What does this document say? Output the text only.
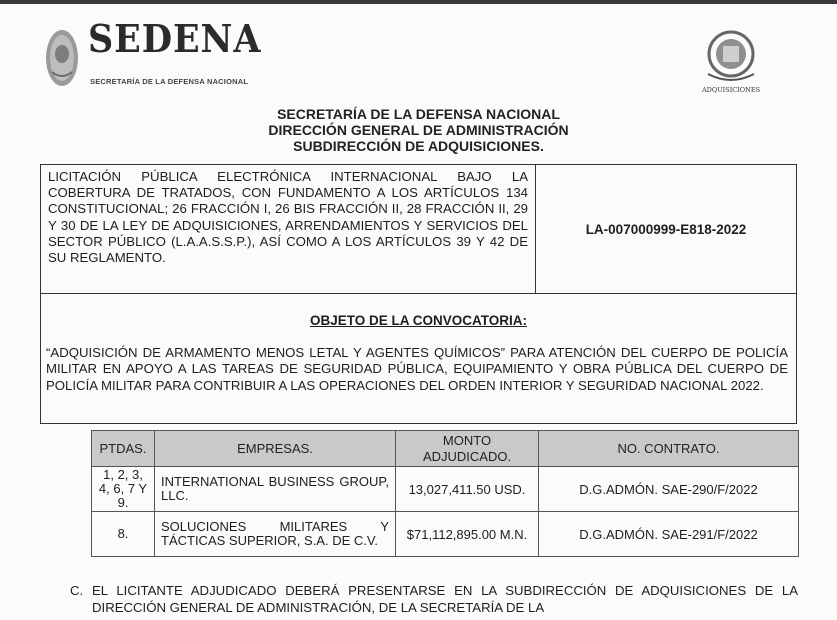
SEDENA
SECRETARÍA DE LA DEFENSA NACIONAL
ADQUISICIONES
SECRETARÍA DE LA DEFENSA NACIONAL
DIRECCIÓN GENERAL DE ADMINISTRACIÓN
SUBDIRECCIÓN DE ADQUISICIONES.
LICITACIÓN PÚBLICA ELECTRÓNICA INTERNACIONAL BAJO LA COBERTURA DE TRATADOS, CON FUNDAMENTO A LOS ARTÍCULOS 134 CONSTITUCIONAL; 26 FRACCIÓN I, 26 BIS FRACCIÓN II, 28 FRACCIÓN II, 29 Y 30 DE LA LEY DE ADQUISICIONES, ARRENDAMIENTOS Y SERVICIOS DEL SECTOR PÚBLICO (L.A.A.S.S.P.), ASÍ COMO A LOS ARTÍCULOS 39 Y 42 DE SU REGLAMENTO.
LA-007000999-E818-2022
OBJETO DE LA CONVOCATORIA:
“ADQUISICIÓN DE ARMAMENTO MENOS LETAL Y AGENTES QUÍMICOS” PARA ATENCIÓN DEL CUERPO DE POLICÍA MILITAR EN APOYO A LAS TAREAS DE SEGURIDAD PÚBLICA, EQUIPAMIENTO Y OBRA PÚBLICA DEL CUERPO DE POLICÍA MILITAR PARA CONTRIBUIR A LAS OPERACIONES DEL ORDEN INTERIOR Y SEGURIDAD NACIONAL 2022.
PTDAS.	EMPRESAS.	MONTO ADJUDICADO.	NO. CONTRATO.
1, 2, 3, 4, 6, 7 Y 9.	INTERNATIONAL BUSINESS GROUP, LLC.	13,027,411.50 USD.	D.G.ADMÓN. SAE-290/F/2022
8.	SOLUCIONES MILITARES Y TÁCTICAS SUPERIOR, S.A. DE C.V.	$71,112,895.00 M.N.	D.G.ADMÓN. SAE-291/F/2022
C. EL LICITANTE ADJUDICADO DEBERÁ PRESENTARSE EN LA SUBDIRECCIÓN DE ADQUISICIONES DE LA DIRECCIÓN GENERAL DE ADMINISTRACIÓN, DE LA SECRETARÍA DE LA
